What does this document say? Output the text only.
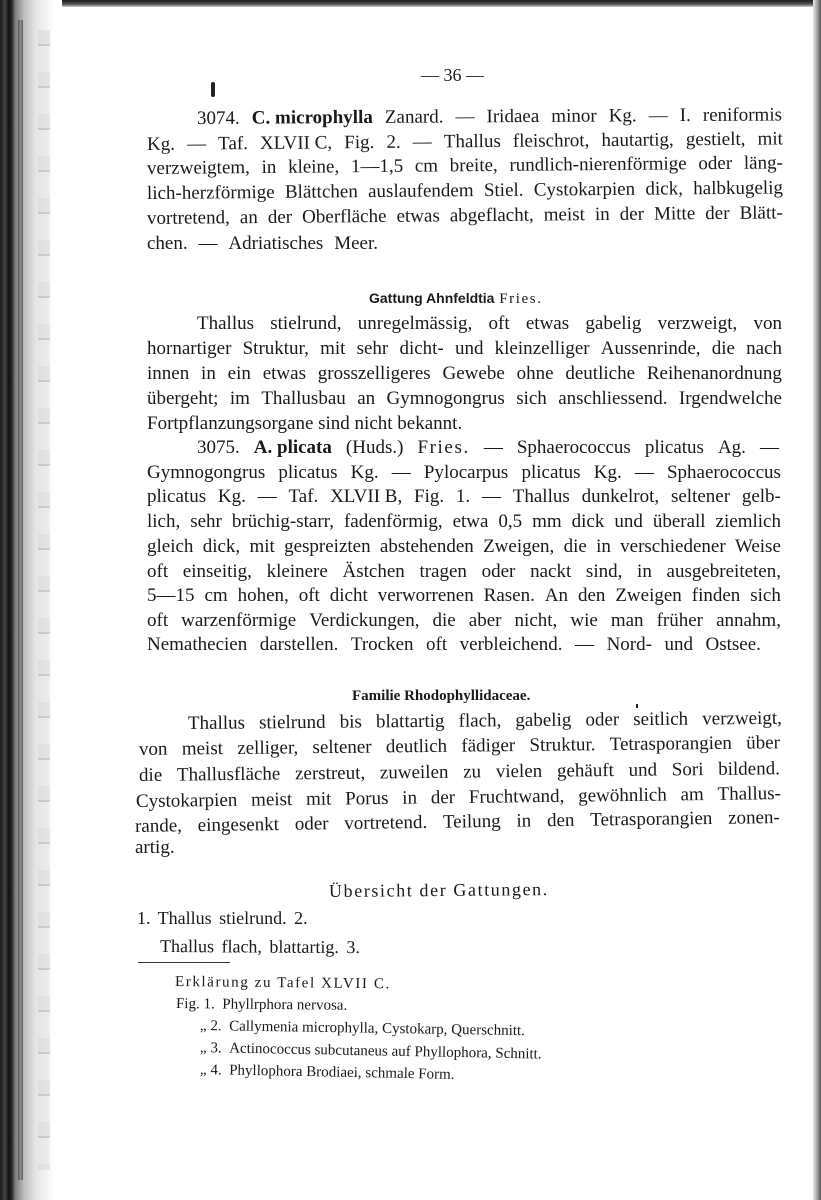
— 36 —
3074. C. microphylla Zanard. — Iridaea minor Kg. — I. reniformis
Kg. — Taf. XLVII C, Fig. 2. — Thallus fleischrot, hautartig, gestielt, mit
verzweigtem, in kleine, 1—1,5 cm breite, rundlich-nierenförmige oder läng-
lich-herzförmige Blättchen auslaufendem Stiel. Cystokarpien dick, halbkugelig
vortretend, an der Oberfläche etwas abgeflacht, meist in der Mitte der Blätt-
chen. — Adriatisches Meer.
Gattung Ahnfeldtia Fries.
Thallus stielrund, unregelmässig, oft etwas gabelig verzweigt, von
hornartiger Struktur, mit sehr dicht- und kleinzelliger Aussenrinde, die nach
innen in ein etwas grosszelligeres Gewebe ohne deutliche Reihenanordnung
übergeht; im Thallusbau an Gymnogongrus sich anschliessend. Irgendwelche
Fortpflanzungsorgane sind nicht bekannt.
3075. A. plicata (Huds.) Fries. — Sphaerococcus plicatus Ag. —
Gymnogongrus plicatus Kg. — Pylocarpus plicatus Kg. — Sphaerococcus
plicatus Kg. — Taf. XLVII B, Fig. 1. — Thallus dunkelrot, seltener gelb-
lich, sehr brüchig-starr, fadenförmig, etwa 0,5 mm dick und überall ziemlich
gleich dick, mit gespreizten abstehenden Zweigen, die in verschiedener Weise
oft einseitig, kleinere Ästchen tragen oder nackt sind, in ausgebreiteten,
5—15 cm hohen, oft dicht verworrenen Rasen. An den Zweigen finden sich
oft warzenförmige Verdickungen, die aber nicht, wie man früher annahm,
Nemathecien darstellen. Trocken oft verbleichend. — Nord- und Ostsee.
Familie Rhodophyllidaceae.
Thallus stielrund bis blattartig flach, gabelig oder seitlich verzweigt,
von meist zelliger, seltener deutlich fädiger Struktur. Tetrasporangien über
die Thallusfläche zerstreut, zuweilen zu vielen gehäuft und Sori bildend.
Cystokarpien meist mit Porus in der Fruchtwand, gewöhnlich am Thallus-
rande, eingesenkt oder vortretend. Teilung in den Tetrasporangien zonen-
artig.
Übersicht der Gattungen.
1. Thallus stielrund. 2.
Thallus flach, blattartig. 3.
Erklärung zu Tafel XLVII C.
Fig. 1. Phyllrphora nervosa.
„ 2. Callymenia microphylla, Cystokarp, Querschnitt.
„ 3. Actinococcus subcutaneus auf Phyllophora, Schnitt.
„ 4. Phyllophora Brodiaei, schmale Form.
